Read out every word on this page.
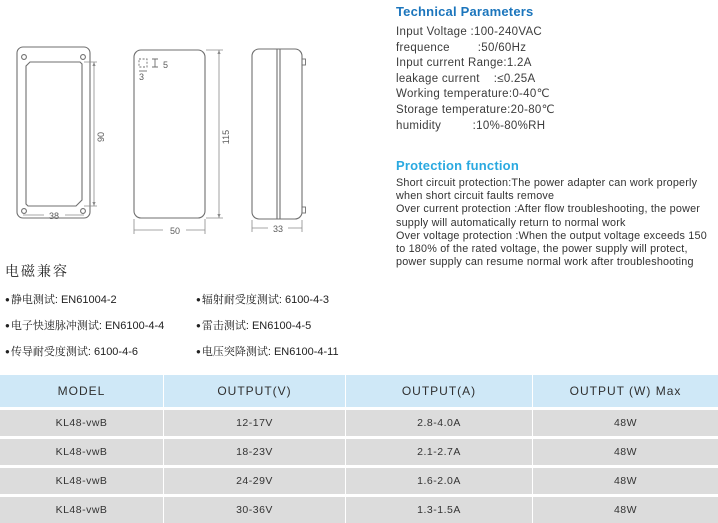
38
90
50
115
5
3
33
Technical Parameters
Input Voltage :100-240VAC
frequence        :50/60Hz
Input current Range:1.2A
leakage current    :≤0.25A
Working temperature:0-40℃
Storage temperature:20-80℃
humidity         :10%-80%RH
Protection function

Short circuit protection:The power adapter can work properly when short circuit faults remove

Over current protection :After flow troubleshooting, the power supply will automatically return to normal work

Over voltage protection :When the output voltage exceeds 150 to 180% of the rated voltage, the power supply will protect, power supply can resume normal work after troubleshooting

电磁兼容
●静电测试: EN61004-2	●辐射耐受度测试: 6100-4-3
●电子快速脉冲测试: EN6100-4-4	●雷击测试: EN6100-4-5
●传导耐受度测试: 6100-4-6	●电压突降测试: EN6100-4-11
MODEL	OUTPUT(V)	OUTPUT(A)	OUTPUT (W) Max
KL48-vwB	12-17V	2.8-4.0A	48W
KL48-vwB	18-23V	2.1-2.7A	48W
KL48-vwB	24-29V	1.6-2.0A	48W
KL48-vwB	30-36V	1.3-1.5A	48W
